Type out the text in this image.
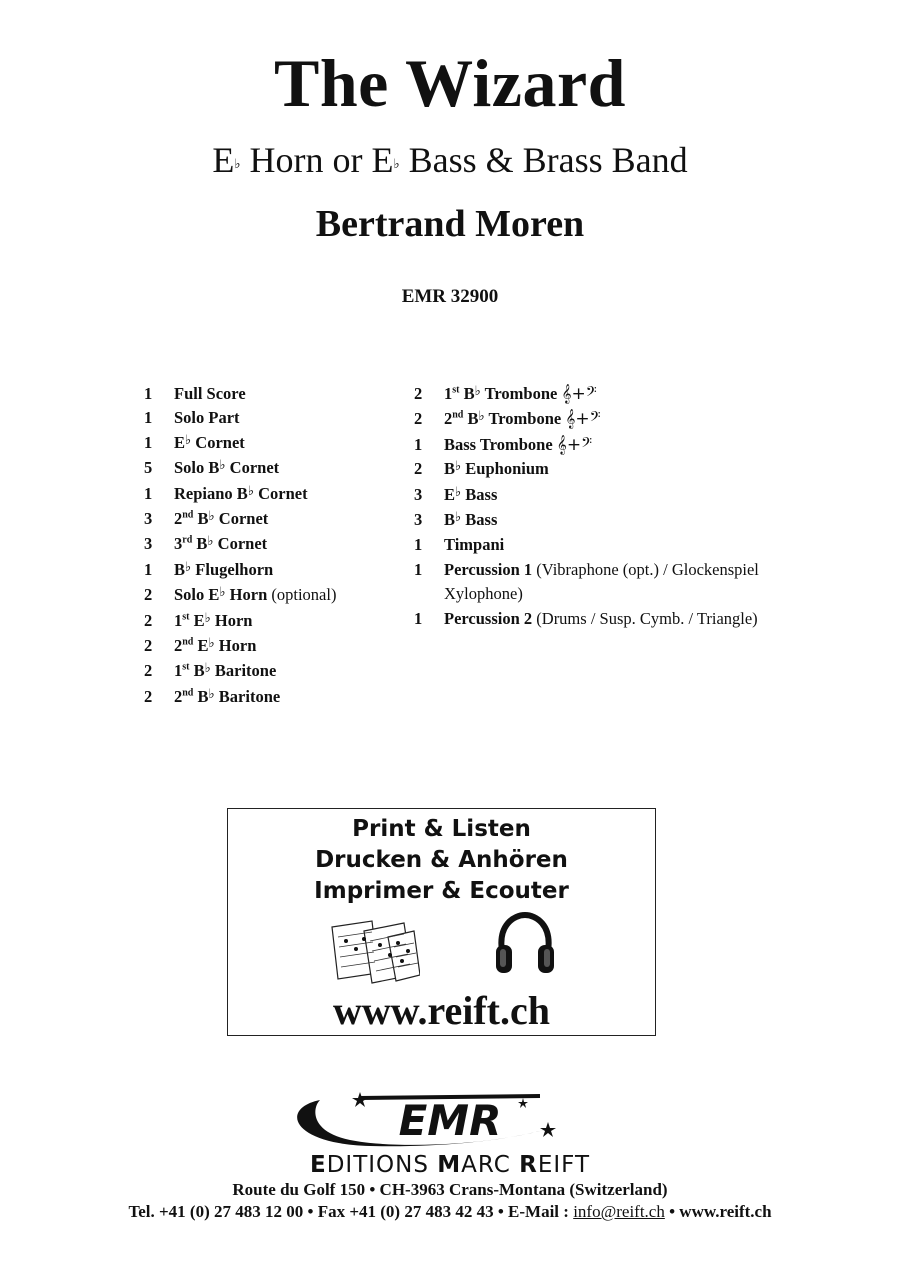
The Wizard
E♭ Horn or E♭ Bass & Brass Band
Bertrand Moren
EMR 32900
1	Full Score
1	Solo Part
1	E♭ Cornet
5	Solo B♭ Cornet
1	Repiano B♭ Cornet
3	2nd B♭ Cornet
3	3rd B♭ Cornet
1	B♭ Flugelhorn
2	Solo E♭ Horn (optional)
2	1st E♭ Horn
2	2nd E♭ Horn
2	1st B♭ Baritone
2	2nd B♭ Baritone
2	1st B♭ Trombone 𝄞+𝄢
2	2nd B♭ Trombone 𝄞+𝄢
1	Bass Trombone 𝄞+𝄢
2	B♭ Euphonium
3	E♭ Bass
3	B♭ Bass
1	Timpani
1	Percussion 1 (Vibraphone (opt.) / Glockenspiel Xylophone)
1	Percussion 2 (Drums / Susp. Cymb. / Triangle)
Print & Listen
Drucken & Anhören
Imprimer & Ecouter
www.reift.ch
EMR
EDITIONS MARC REIFT
Route du Golf 150 • CH-3963 Crans-Montana (Switzerland)
Tel. +41 (0) 27 483 12 00 • Fax +41 (0) 27 483 42 43 • E-Mail : info@reift.ch • www.reift.ch
